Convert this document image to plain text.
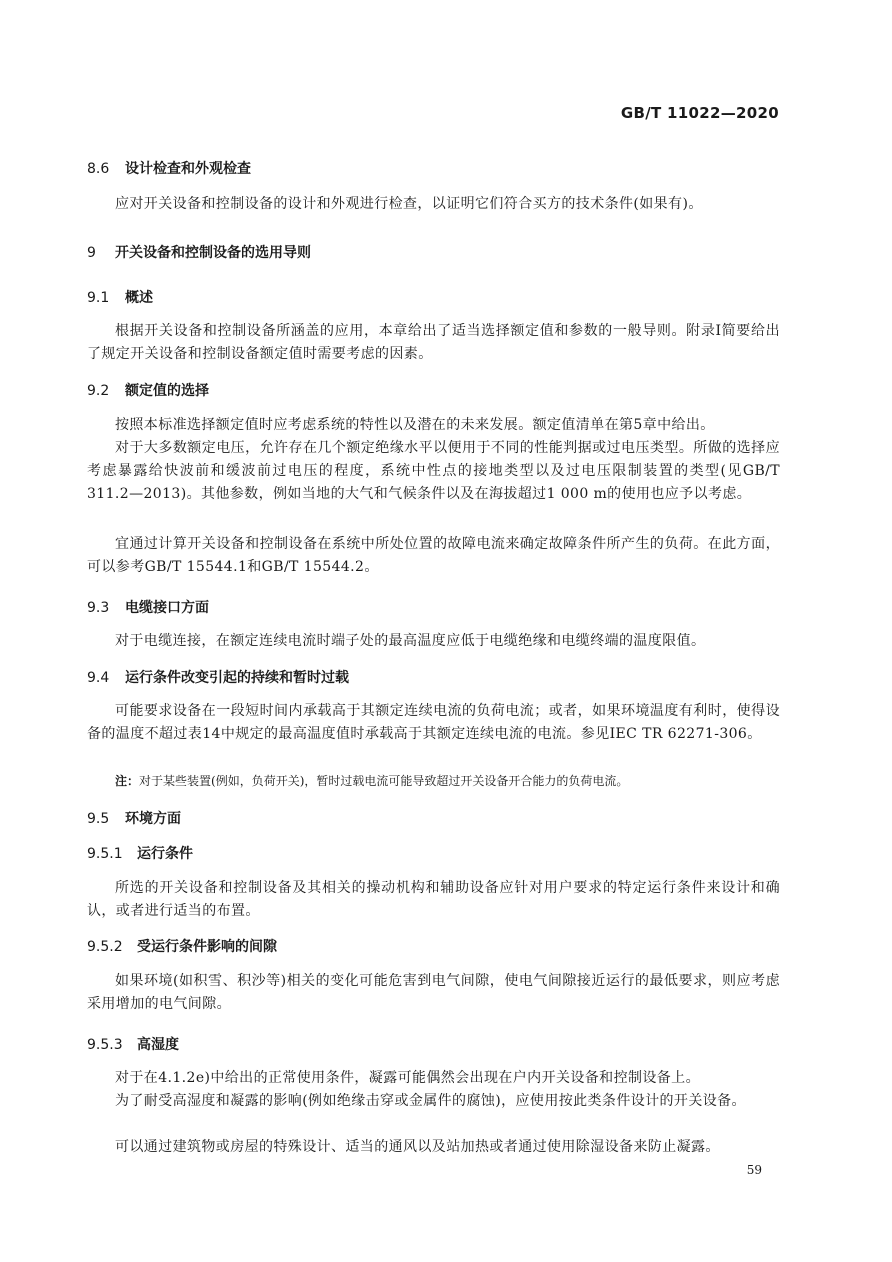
GB/T 11022—2020
8.6 设计检查和外观检查
应对开关设备和控制设备的设计和外观进行检查，以证明它们符合买方的技术条件(如果有)。
9 开关设备和控制设备的选用导则
9.1 概述
根据开关设备和控制设备所涵盖的应用，本章给出了适当选择额定值和参数的一般导则。附录I简要给出了规定开关设备和控制设备额定值时需要考虑的因素。
9.2 额定值的选择
按照本标准选择额定值时应考虑系统的特性以及潜在的未来发展。额定值清单在第5章中给出。
对于大多数额定电压，允许存在几个额定绝缘水平以便用于不同的性能判据或过电压类型。所做的选择应考虑暴露给快波前和缓波前过电压的程度，系统中性点的接地类型以及过电压限制装置的类型(见GB/T 311.2—2013)。其他参数，例如当地的大气和气候条件以及在海拔超过1 000 m的使用也应予以考虑。
宜通过计算开关设备和控制设备在系统中所处位置的故障电流来确定故障条件所产生的负荷。在此方面，可以参考GB/T 15544.1和GB/T 15544.2。
9.3 电缆接口方面
对于电缆连接，在额定连续电流时端子处的最高温度应低于电缆绝缘和电缆终端的温度限值。
9.4 运行条件改变引起的持续和暂时过载
可能要求设备在一段短时间内承载高于其额定连续电流的负荷电流；或者，如果环境温度有利时，使得设备的温度不超过表14中规定的最高温度值时承载高于其额定连续电流的电流。参见IEC TR 62271-306。
注：对于某些装置(例如，负荷开关)，暂时过载电流可能导致超过开关设备开合能力的负荷电流。
9.5 环境方面
9.5.1 运行条件
所选的开关设备和控制设备及其相关的操动机构和辅助设备应针对用户要求的特定运行条件来设计和确认，或者进行适当的布置。
9.5.2 受运行条件影响的间隙
如果环境(如积雪、积沙等)相关的变化可能危害到电气间隙，使电气间隙接近运行的最低要求，则应考虑采用增加的电气间隙。
9.5.3 高湿度
对于在4.1.2e)中给出的正常使用条件，凝露可能偶然会出现在户内开关设备和控制设备上。
为了耐受高湿度和凝露的影响(例如绝缘击穿或金属件的腐蚀)，应使用按此类条件设计的开关设备。
可以通过建筑物或房屋的特殊设计、适当的通风以及站加热或者通过使用除湿设备来防止凝露。
59
